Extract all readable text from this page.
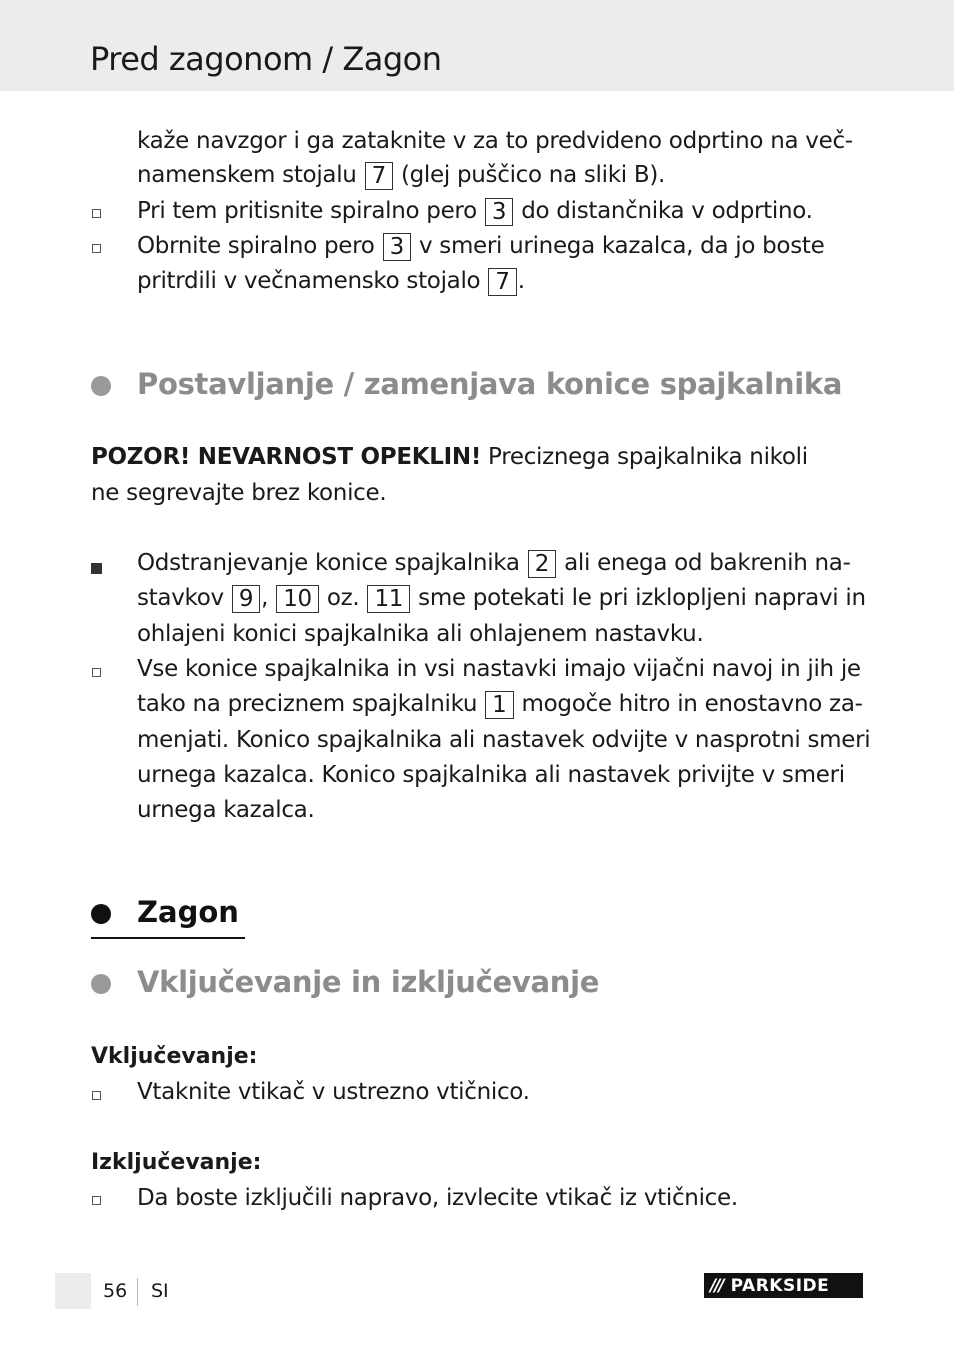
Pred zagonom / Zagon
kaže navzgor i ga zataknite v za to predvideno odprtino na več-
namenskem stojalu 7 (glej puščico na sliki B).
Pri tem pritisnite spiralno pero 3 do distančnika v odprtino.
Obrnite spiralno pero 3 v smeri urinega kazalca, da jo boste
pritrdili v večnamensko stojalo 7 .
Postavljanje / zamenjava konice spajkalnika
POZOR! NEVARNOST OPEKLIN! Preciznega spajkalnika nikoli
ne segrevajte brez konice.
Odstranjevanje konice spajkalnika 2 ali enega od bakrenih na-
stavkov 9 , 10 oz. 11 sme potekati le pri izklopljeni napravi in
ohlajeni konici spajkalnika ali ohlajenem nastavku.
Vse konice spajkalnika in vsi nastavki imajo vijačni navoj in jih je
tako na preciznem spajkalniku 1 mogoče hitro in enostavno za-
menjati. Konico spajkalnika ali nastavek odvijte v nasprotni smeri
urnega kazalca. Konico spajkalnika ali nastavek privijte v smeri
urnega kazalca.
Zagon
Vključevanje in izključevanje
Vključevanje:
Vtaknite vtikač v ustrezno vtičnico.
Izključevanje:
Da boste izključili napravo, izvlecite vtikač iz vtičnice.
56 SI	/// PARKSIDE
